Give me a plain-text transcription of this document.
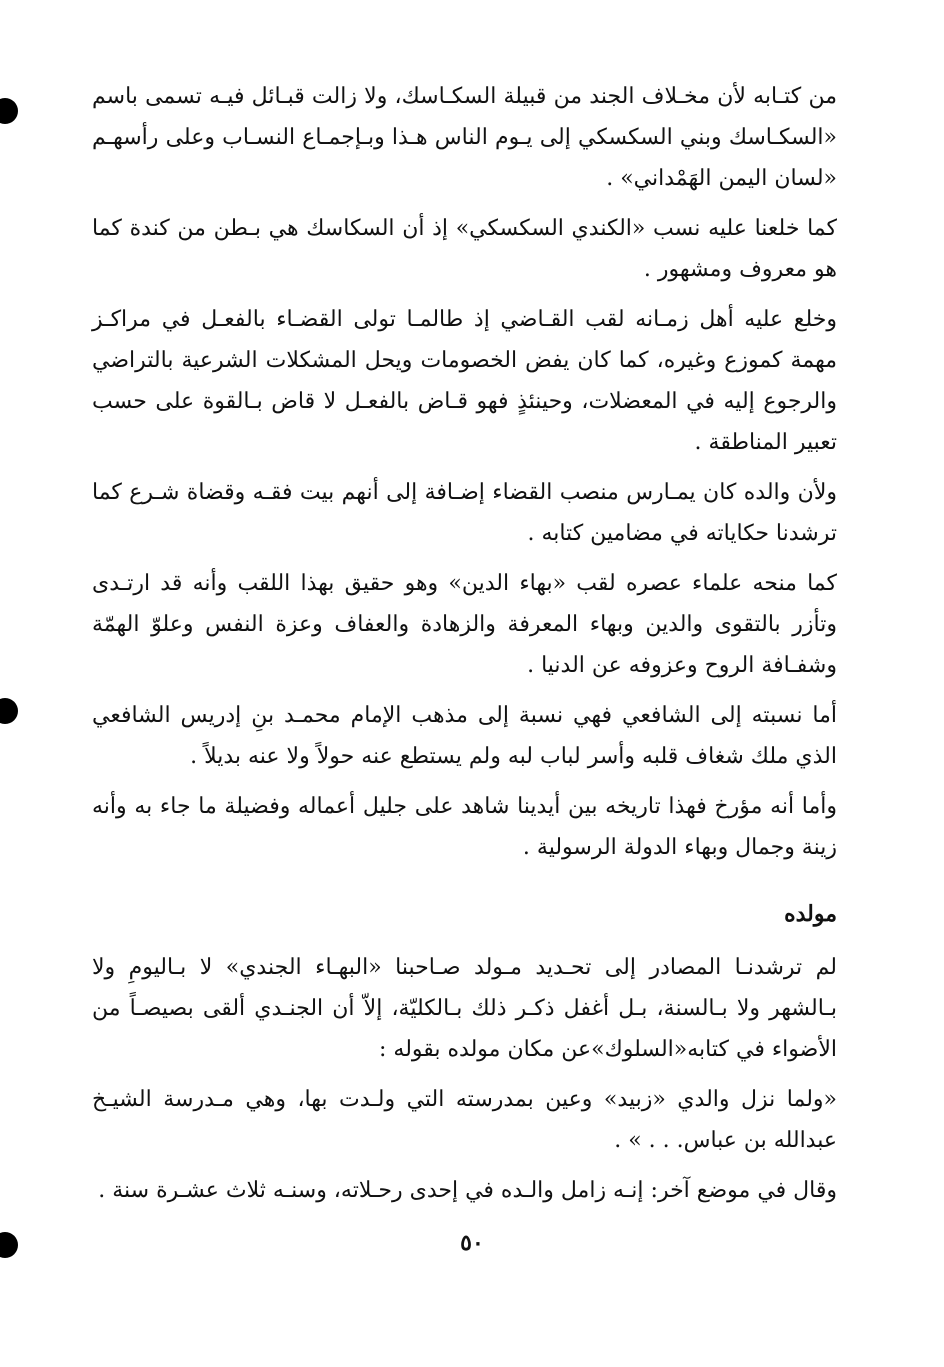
من كتـابه لأن مخـلاف الجند من قبيلة السكـاسك، ولا زالت قبـائل فيـه تسمى باسم «السكـاسك وبني السكسكي إلى يـوم الناس هـذا وبـإجمـاع النسـاب وعلى رأسهـم «لسان اليمن الهَمْداني» .

كما خلعنا عليه نسب «الكندي السكسكي» إذ أن السكاسك هي بـطن من كندة كما هو معروف ومشهور .

وخلع عليه أهل زمـانه لقب القـاضي إذ طالمـا تولى القضـاء بالفعـل في مراكـز مهمة كموزع وغيره، كما كان يفض الخصومات ويحل المشكلات الشرعية بالتراضي والرجوع إليه في المعضلات، وحينئذٍ فهو قـاض بالفعـل لا قاض بـالقوة على حسب تعبير المناطقة .

ولأن والده كان يمـارس منصب القضاء إضـافة إلى أنهم بيت فقـه وقضاة شـرع كما ترشدنا حكاياته في مضامين كتابه .

كما منحه علماء عصره لقب «بهاء الدين» وهو حقيق بهذا اللقب وأنه قد ارتـدى وتأزر بالتقوى والدين وبهاء المعرفة والزهادة والعفاف وعزة النفس وعلوّ الهمّة وشفـافة الروح وعزوفه عن الدنيا .

أما نسبته إلى الشافعي فهي نسبة إلى مذهب الإمام محمـد بنِ إدريس الشافعي الذي ملك شغاف قلبه وأسر لباب لبه ولم يستطع عنه حولاً ولا عنه بديلاً .

وأما أنه مؤرخ فهذا تاريخه بين أيدينا شاهد على جليل أعماله وفضيلة ما جاء به وأنه زينة وجمال وبهاء الدولة الرسولية .

مولده

لم ترشدنـا المصادر إلى تحـديد مـولد صـاحبنا «البهـاء الجندي» لا بـاليومِ ولا بـالشهر ولا بـالسنة، بـل أغفل ذكـر ذلك بـالكليّة، إلاّ أن الجنـدي ألقى بصيصـاً من الأضواء في كتابه«السلوك»عن مكان مولده بقوله :

«ولما نزل والدي «زبيد» وعين بمدرسته التي ولـدت بها، وهي مـدرسة الشيـخ عبدالله بن عباس. . . » .

وقال في موضع آخر: إنـه زامل والـده في إحدى رحـلاته، وسنـه ثلاث عشـرة سنة .

٥٠
